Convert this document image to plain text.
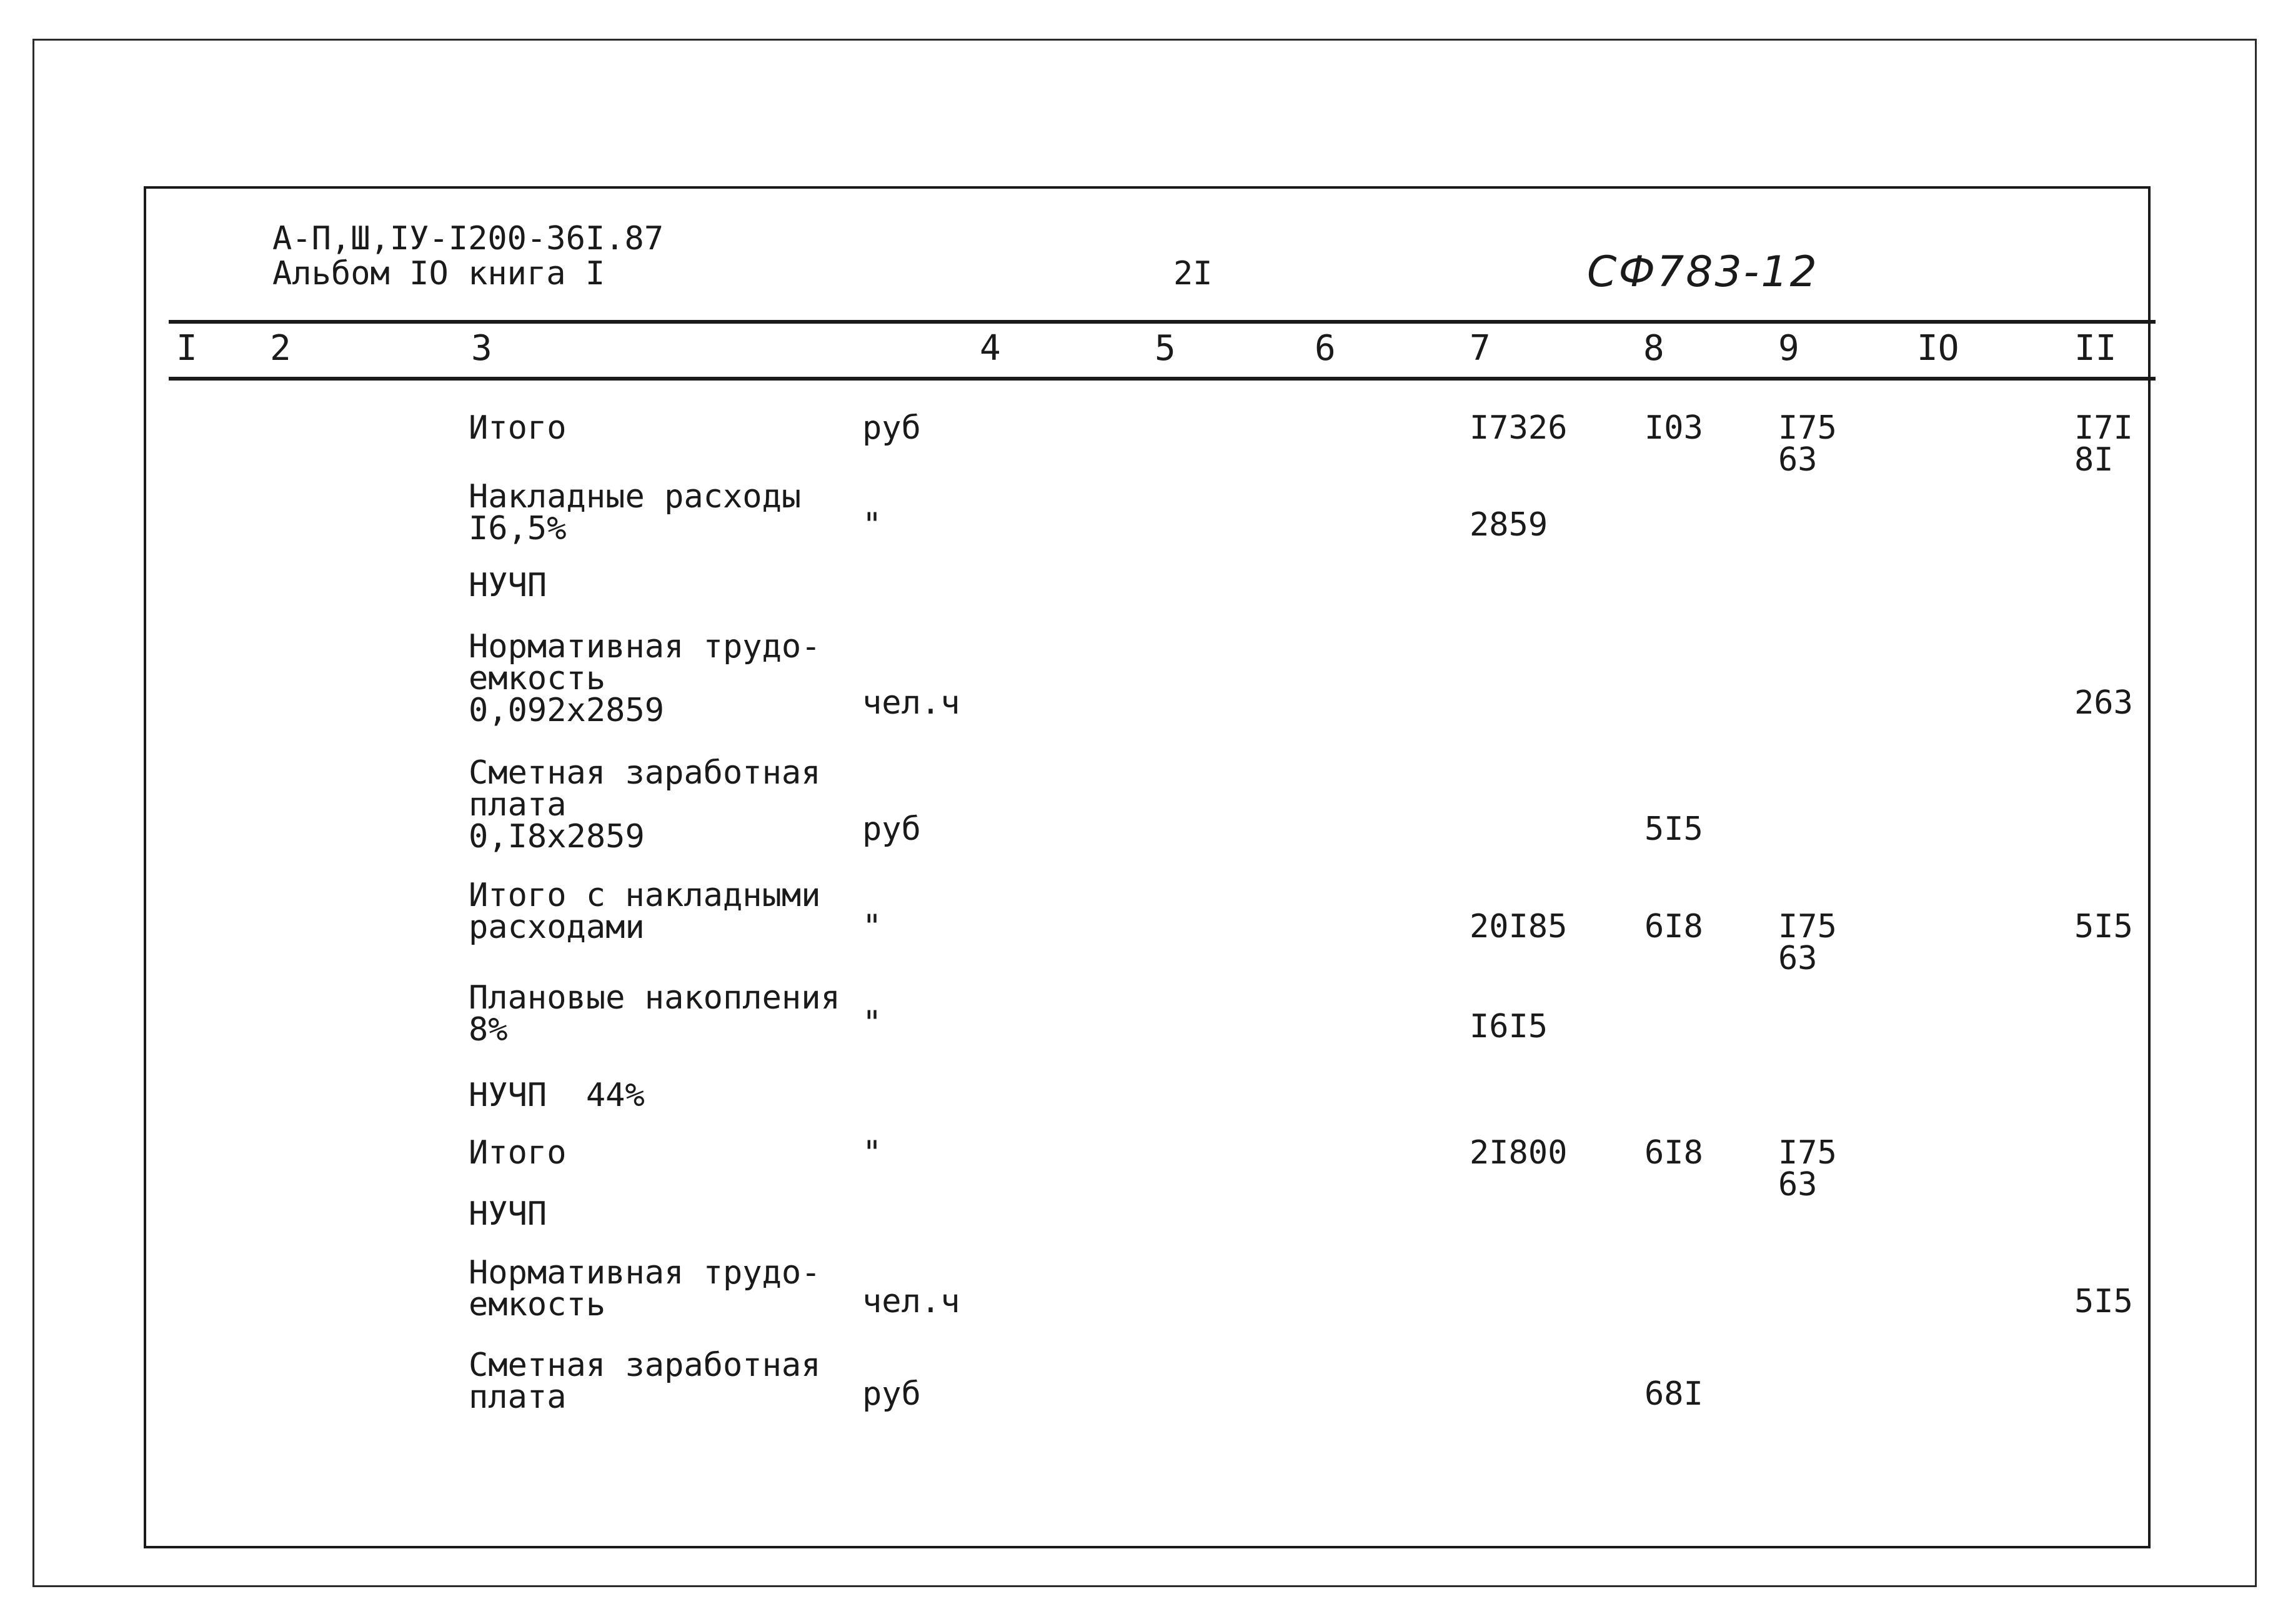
А-П,Ш,IУ-I200-36I.87
Альбом IO книга I	2I	СФ783-12
I 2	3	4	5	6	7	8	9	IO	II
Итого	руб	I7326 I03 I75
63
I7I
8I
Накладные расходы
I6,5%	"	2859
НУЧП
Нормативная трудо-
емкость
0,092х2859	чел.ч	263
Сметная заработная
плата
0,I8х2859	руб	5I5
Итого с накладными
расходами	"	20I85 6I8 I75
63
5I5
Плановые накопления
8%	"	I6I5
НУЧП  44%
Итого	"	2I800 6I8 I75
63
НУЧП
Нормативная трудо-
емкость	чел.ч	5I5
Сметная заработная
плата	руб	68I
